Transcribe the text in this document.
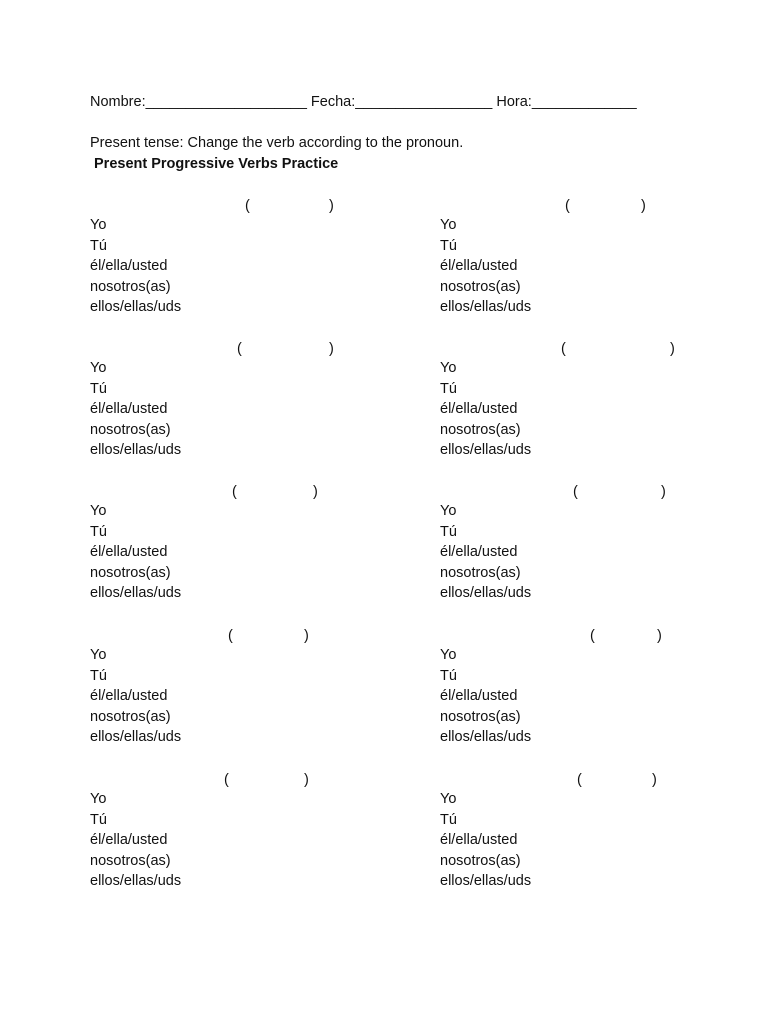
Nombre:____________________ Fecha:_________________ Hora:_____________
Present tense: Change the verb according to the pronoun.
Present Progressive Verbs Practice
(	)
Yo
Tú
él/ella/usted
nosotros(as)
ellos/ellas/uds
(	)
Yo
Tú
él/ella/usted
nosotros(as)
ellos/ellas/uds
(	)
Yo
Tú
él/ella/usted
nosotros(as)
ellos/ellas/uds
(	)
Yo
Tú
él/ella/usted
nosotros(as)
ellos/ellas/uds
(	)
Yo
Tú
él/ella/usted
nosotros(as)
ellos/ellas/uds
(	)
Yo
Tú
él/ella/usted
nosotros(as)
ellos/ellas/uds
(	)
Yo
Tú
él/ella/usted
nosotros(as)
ellos/ellas/uds
(	)
Yo
Tú
él/ella/usted
nosotros(as)
ellos/ellas/uds
(	)
Yo
Tú
él/ella/usted
nosotros(as)
ellos/ellas/uds
(	)
Yo
Tú
él/ella/usted
nosotros(as)
ellos/ellas/uds
